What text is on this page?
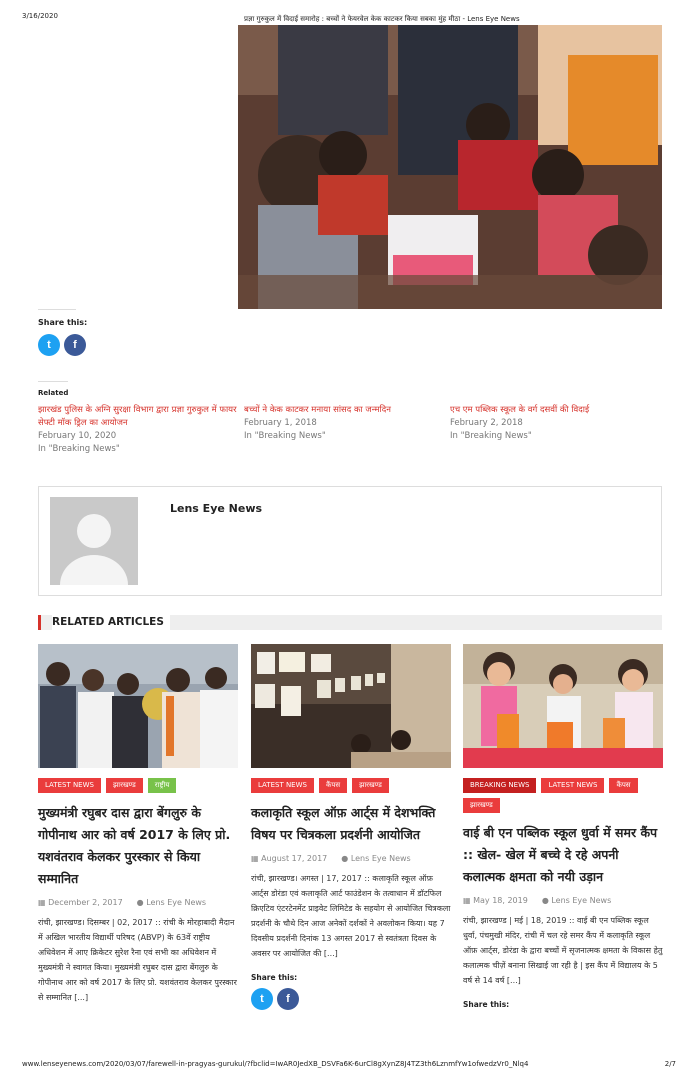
3/16/2020	प्रज्ञा गुरुकुल में विदाई समारोह : बच्चों ने फेयरवेल केक काटकर किया सबका मुंह मीठा - Lens Eye News
Share this:
t f
Related
झारखंड पुलिस के अग्नि सुरक्षा विभाग द्वारा प्रज्ञा गुरुकुल में फायर सेफ्टी मॉक ड्रिल का आयोजन
February 10, 2020
In "Breaking News"
बच्चों ने केक काटकर मनाया सांसद का जन्मदिन
February 1, 2018
In "Breaking News"
एच एम पब्लिक स्कूल के वर्ग दसवीं की विदाई
February 2, 2018
In "Breaking News"
Lens Eye News
RELATED ARTICLES
LATEST NEWS	झारखण्ड	राष्ट्रीय
मुख्यमंत्री रघुबर दास द्वारा बेंगलुरु के गोपीनाथ आर को वर्ष 2017 के लिए प्रो. यशवंतराव केलकर पुरस्कार से किया सम्मानित
▦ December 2, 2017 ● Lens Eye News
रांची, झारखण्ड। दिसम्बर | 02, 2017 :: रांची के मोरहाबादी मैदान में अखिल भारतीय विद्यार्थी परिषद (ABVP) के 63वें राष्ट्रीय अधिवेशन में आए क्रिकेटर सुरेश रैना एवं सभी का अधिवेशन में मुख्यमंत्री ने स्वागत किया। मुख्यमंत्री रघुबर दास द्वारा बेंगलुरु के गोपीनाथ आर को वर्ष 2017 के लिए प्रो. यशवंतराव केलकर पुरस्कार से सम्मानित [...]
LATEST NEWS	कैंपस	झारखण्ड
कलाकृति स्कूल ऑफ़ आर्ट्स में देशभक्ति विषय पर चित्रकला प्रदर्शनी आयोजित
▦ August 17, 2017 ● Lens Eye News
रांची, झारखण्ड। अगस्त | 17, 2017 :: कलाकृति स्कूल ऑफ़ आर्ट्स डोरंडा एवं कलाकृति आर्ट फाउंडेशन के तत्वाधान में डॉटफिल क्रिएटिव एंटरटेनमेंट प्राइवेट लिमिटेड के सहयोग से आयोजित चित्रकला प्रदर्शनी के चौथे दिन आज अनेकों दर्शकों ने अवलोकन किया। यह 7 दिवसीय प्रदर्शनी दिनांक 13 अगस्त 2017 से स्वतंत्रता दिवस के अवसर पर आयोजित की [...]
Share this:
t f
BREAKING NEWS	LATEST NEWS	कैंपस
झारखण्ड
वाई बी एन पब्लिक स्कूल धुर्वा में समर कैंप :: खेल- खेल में बच्चे दे रहे अपनी कलात्मक क्षमता को नयी उड़ान
▦ May 18, 2019 ● Lens Eye News
रांची, झारखण्ड | मई | 18, 2019 :: वाई बी एन पब्लिक स्कूल धुर्वा, पंचमुखी मंदिर, रांची में चल रहे समर कैंप में कलाकृति स्कूल ऑफ़ आर्ट्स, डोरंडा के द्वारा बच्चों में सृजनात्मक क्षमता के विकास हेतु कलात्मक चीज़ें बनाना सिखाई जा रही है | इस कैंप में विद्यालय के 5 वर्ष से 14 वर्ष [...]
Share this:
www.lenseyenews.com/2020/03/07/farewell-in-pragyas-gurukul/?fbclid=IwAR0JedXB_DSVFa6K-6urCl8gXynZ8J4TZ3th6LznmfYw1ofwedzVr0_Nlq4	2/7
